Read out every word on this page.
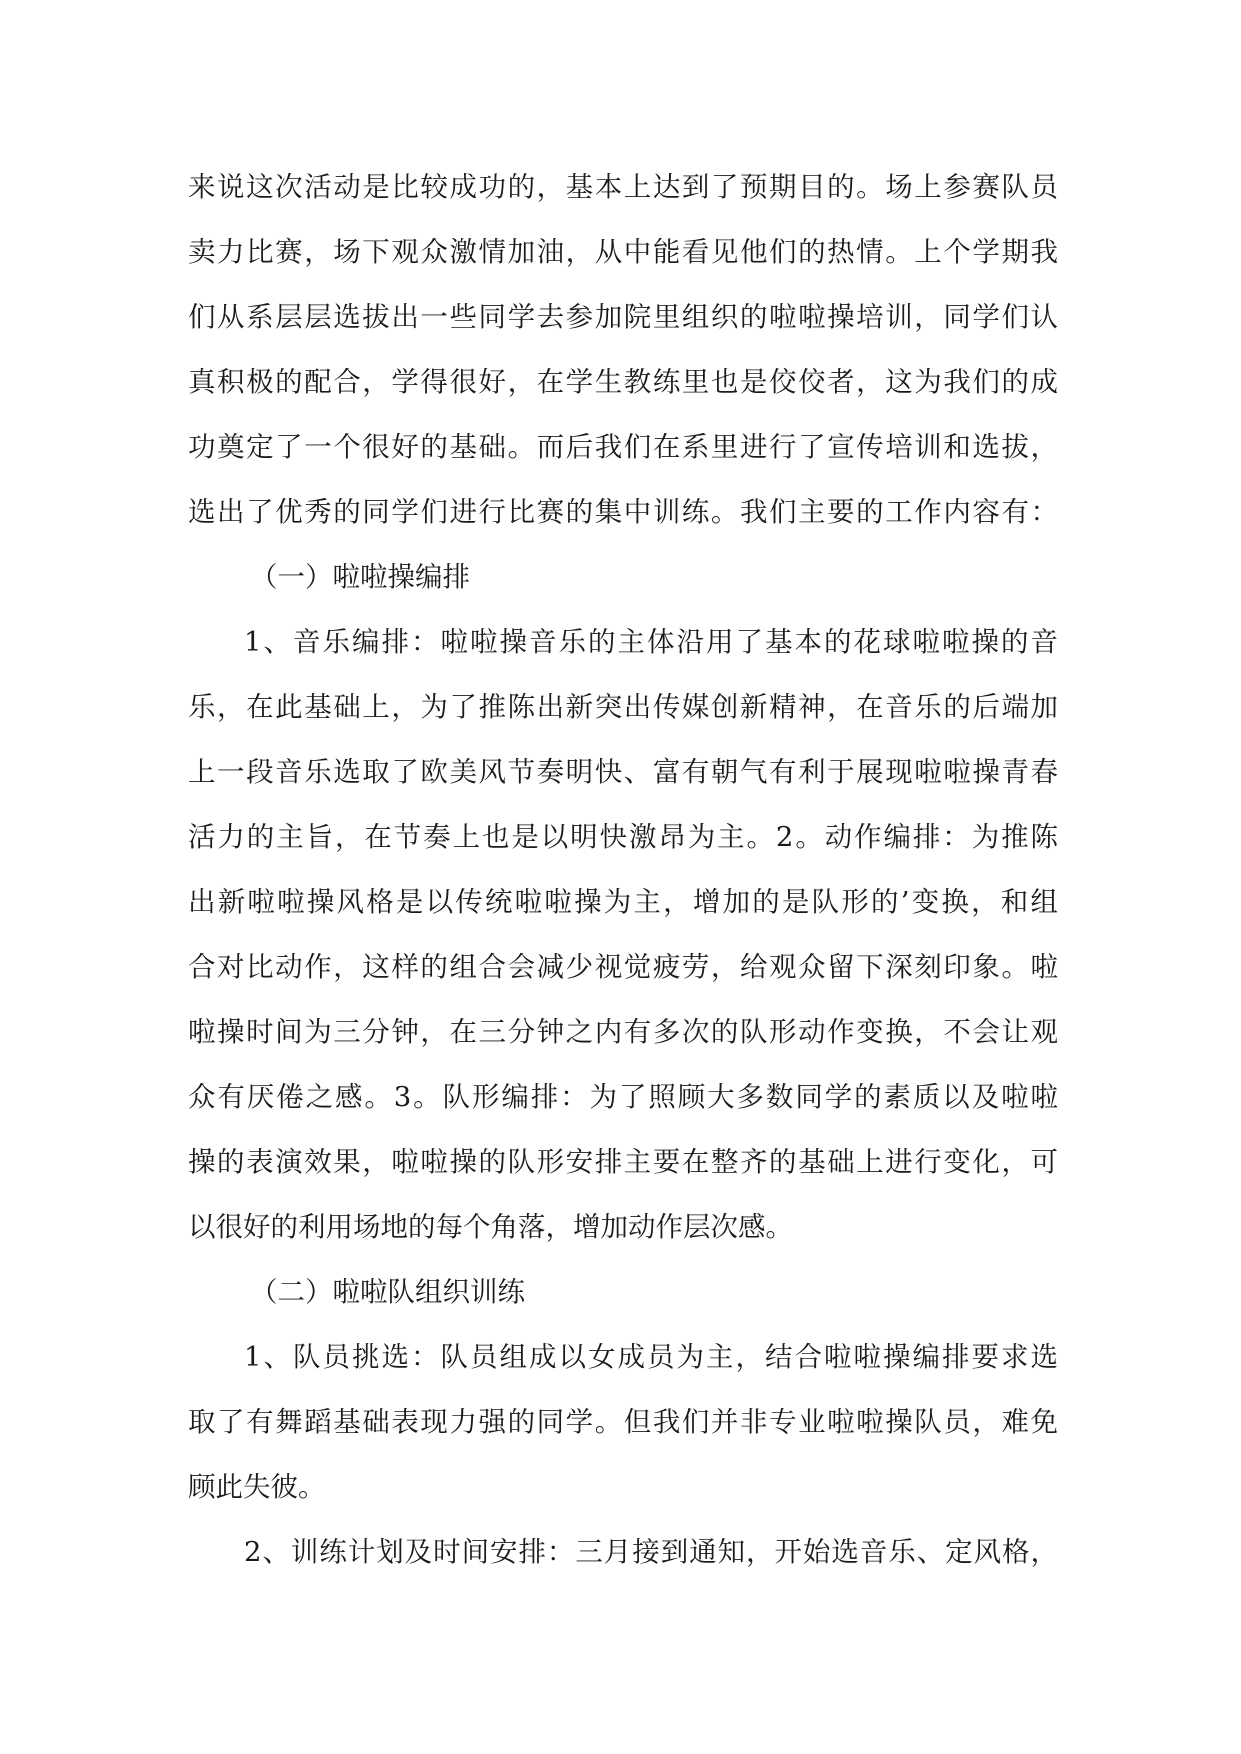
来说这次活动是比较成功的，基本上达到了预期目的。场上参赛队员
卖力比赛，场下观众激情加油，从中能看见他们的热情。上个学期我
们从系层层选拔出一些同学去参加院里组织的啦啦操培训，同学们认
真积极的配合，学得很好，在学生教练里也是佼佼者，这为我们的成
功奠定了一个很好的基础。而后我们在系里进行了宣传培训和选拔，
选出了优秀的同学们进行比赛的集中训练。我们主要的工作内容有：
（一）啦啦操编排
1、音乐编排：啦啦操音乐的主体沿用了基本的花球啦啦操的音
乐，在此基础上，为了推陈出新突出传媒创新精神，在音乐的后端加
上一段音乐选取了欧美风节奏明快、富有朝气有利于展现啦啦操青春
活力的主旨，在节奏上也是以明快激昂为主。2。动作编排：为推陈
出新啦啦操风格是以传统啦啦操为主，增加的是队形的’变换，和组
合对比动作，这样的组合会减少视觉疲劳，给观众留下深刻印象。啦
啦操时间为三分钟，在三分钟之内有多次的队形动作变换，不会让观
众有厌倦之感。3。队形编排：为了照顾大多数同学的素质以及啦啦
操的表演效果，啦啦操的队形安排主要在整齐的基础上进行变化，可
以很好的利用场地的每个角落，增加动作层次感。
（二）啦啦队组织训练
1、队员挑选：队员组成以女成员为主，结合啦啦操编排要求选
取了有舞蹈基础表现力强的同学。但我们并非专业啦啦操队员，难免
顾此失彼。
2、训练计划及时间安排：三月接到通知，开始选音乐、定风格，
